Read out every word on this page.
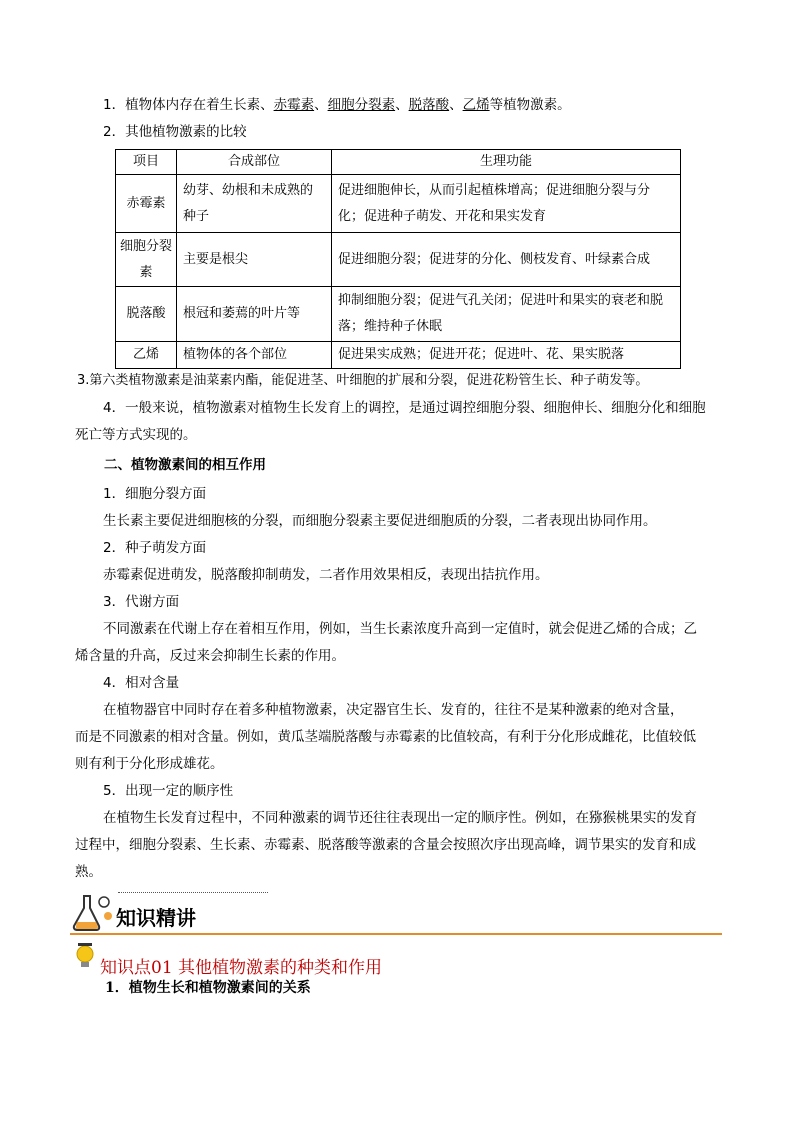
1．植物体内存在着生长素、赤霉素、细胞分裂素、脱落酸、乙烯等植物激素。
2．其他植物激素的比较
项目	合成部位	生理功能
赤霉素	幼芽、幼根和未成熟的种子	促进细胞伸长，从而引起植株增高；促进细胞分裂与分化；促进种子萌发、开花和果实发育
细胞分裂素	主要是根尖	促进细胞分裂；促进芽的分化、侧枝发育、叶绿素合成
脱落酸	根冠和萎蔫的叶片等	抑制细胞分裂；促进气孔关闭；促进叶和果实的衰老和脱落；维持种子休眠
乙烯	植物体的各个部位	促进果实成熟；促进开花；促进叶、花、果实脱落
3.第六类植物激素是油菜素内酯，能促进茎、叶细胞的扩展和分裂，促进花粉管生长、种子萌发等。
4．一般来说，植物激素对植物生长发育上的调控，是通过调控细胞分裂、细胞伸长、细胞分化和细胞
死亡等方式实现的。
二、植物激素间的相互作用
1．细胞分裂方面
生长素主要促进细胞核的分裂，而细胞分裂素主要促进细胞质的分裂，二者表现出协同作用。
2．种子萌发方面
赤霉素促进萌发，脱落酸抑制萌发，二者作用效果相反，表现出拮抗作用。
3．代谢方面
不同激素在代谢上存在着相互作用，例如，当生长素浓度升高到一定值时，就会促进乙烯的合成；乙
烯含量的升高，反过来会抑制生长素的作用。
4．相对含量
在植物器官中同时存在着多种植物激素，决定器官生长、发育的，往往不是某种激素的绝对含量，
而是不同激素的相对含量。例如，黄瓜茎端脱落酸与赤霉素的比值较高，有利于分化形成雌花，比值较低
则有利于分化形成雄花。
5．出现一定的顺序性
在植物生长发育过程中，不同种激素的调节还往往表现出一定的顺序性。例如，在猕猴桃果实的发育
过程中，细胞分裂素、生长素、赤霉素、脱落酸等激素的含量会按照次序出现高峰，调节果实的发育和成
熟。
知识精讲
知识点01 其他植物激素的种类和作用
1．植物生长和植物激素间的关系
